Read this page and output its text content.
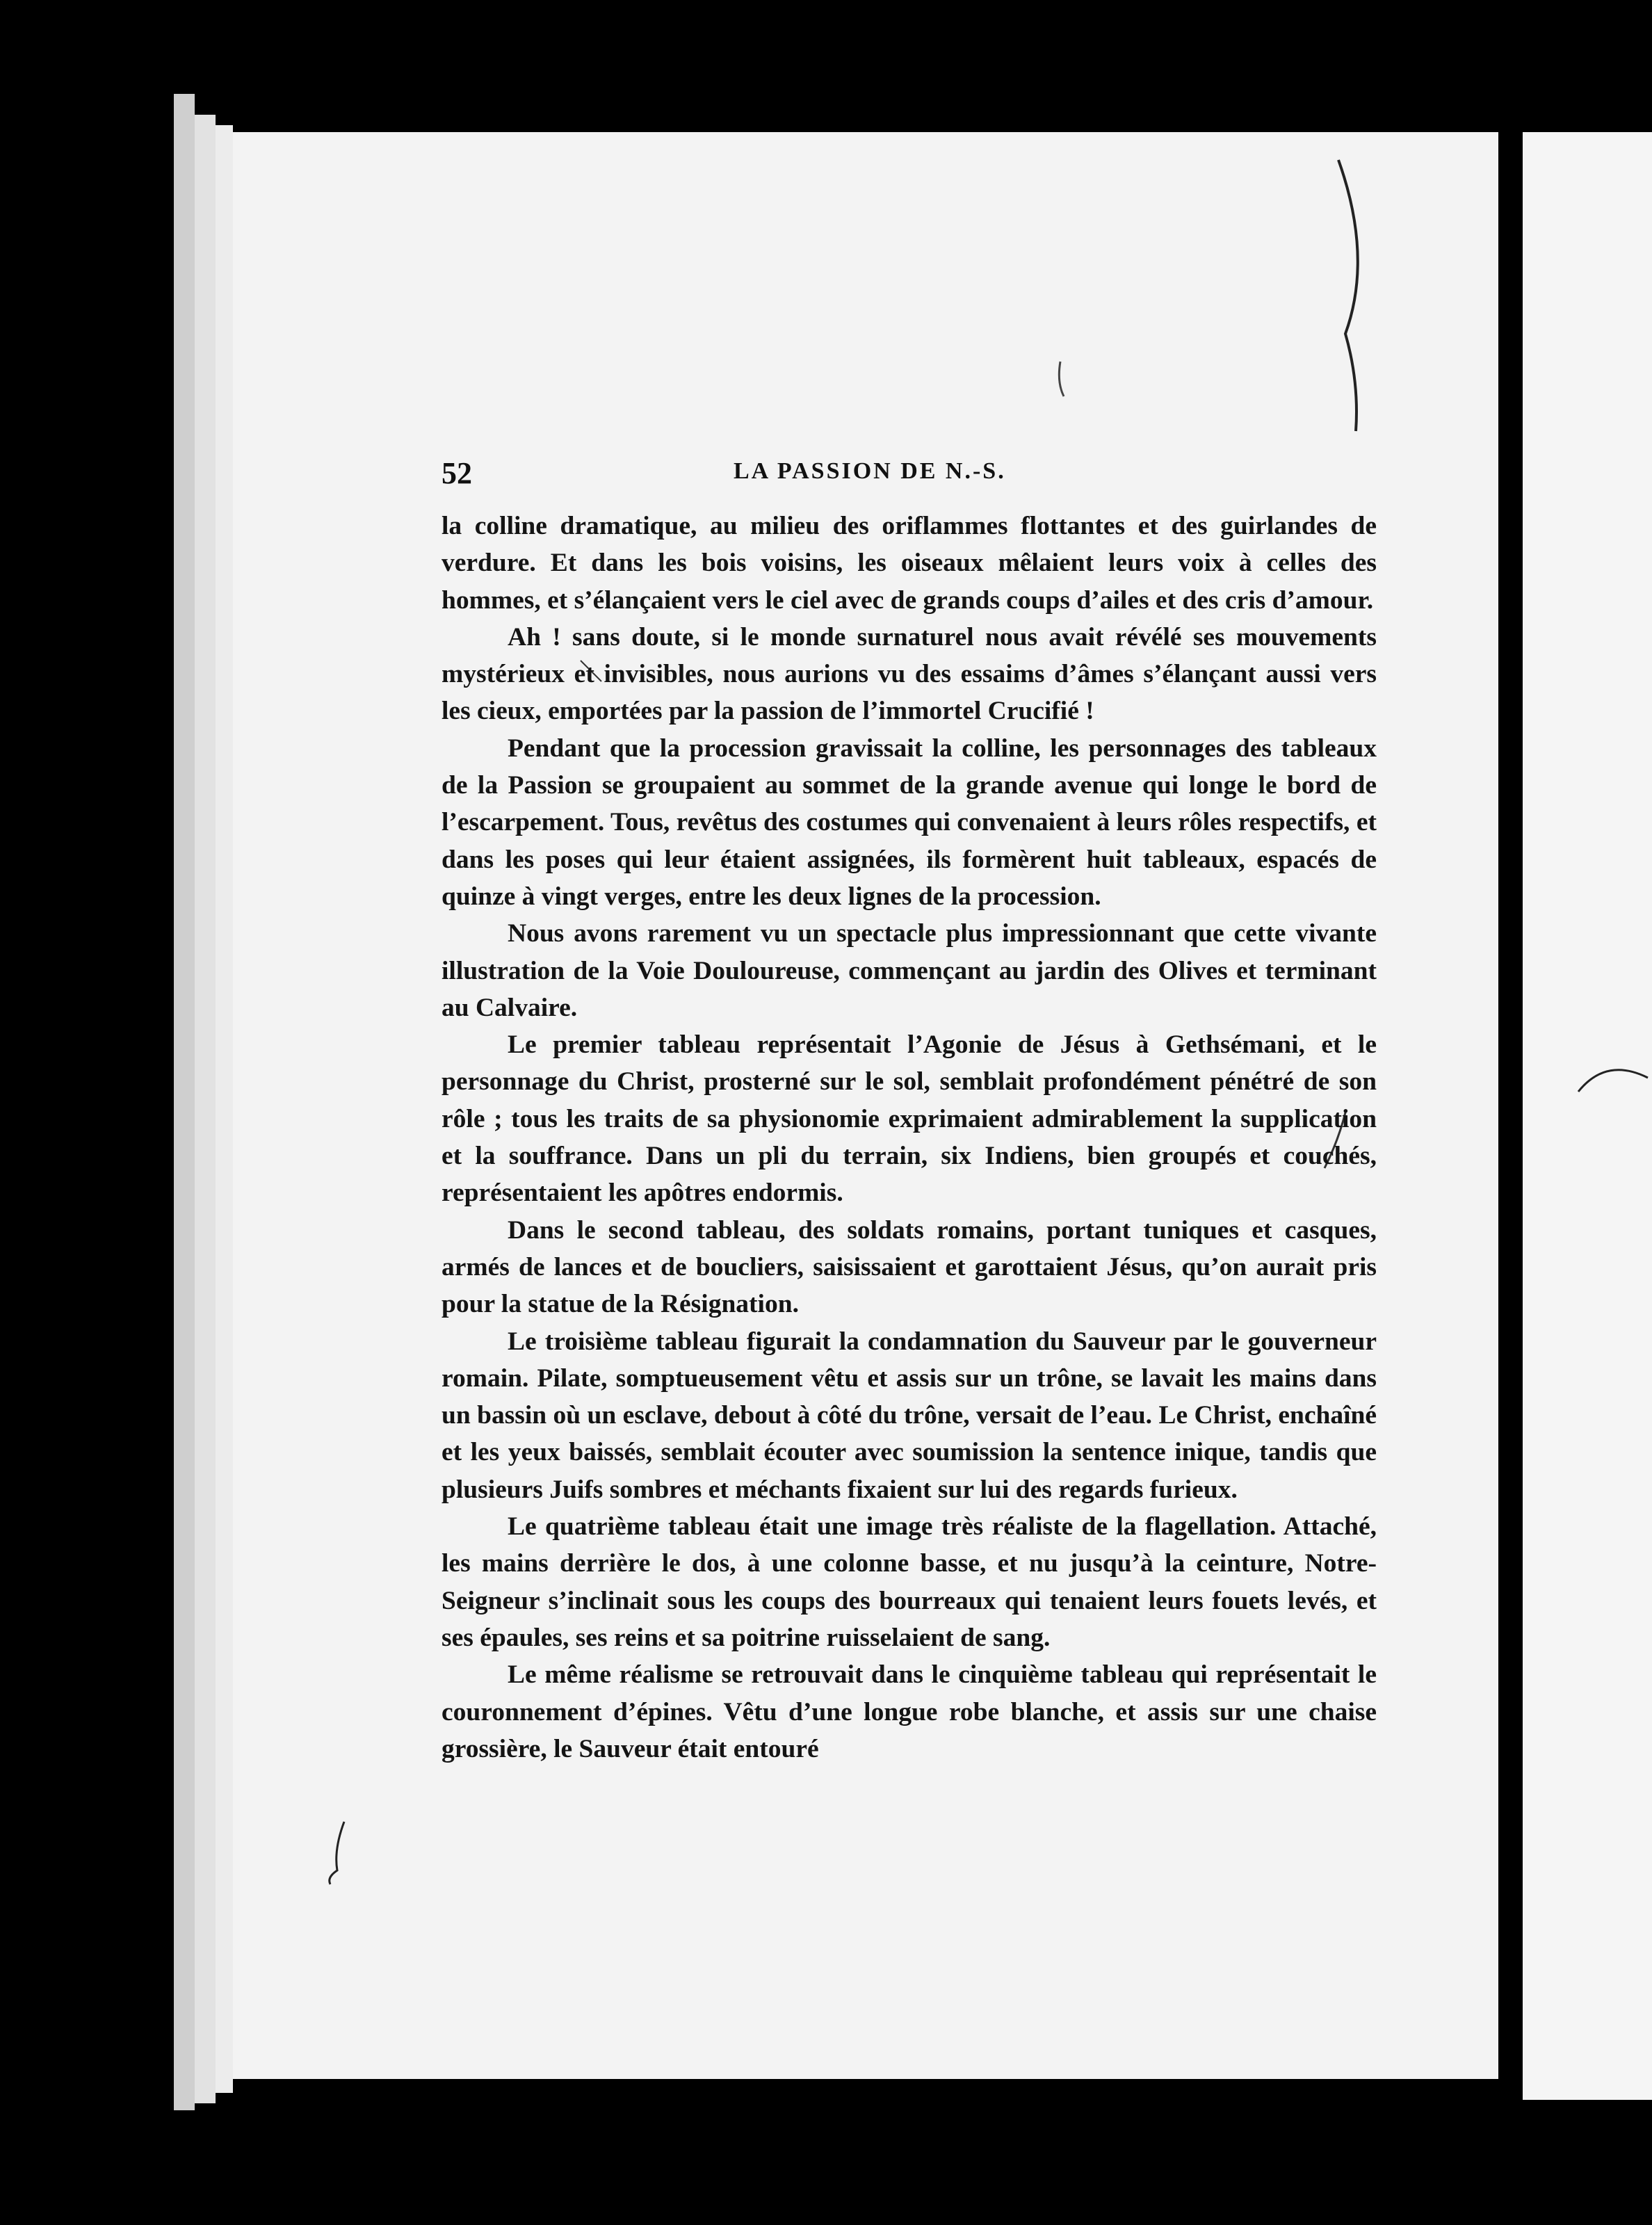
52	LA PASSION DE N.-S.

la colline dramatique, au milieu des oriflammes flottantes et des guirlandes de verdure. Et dans les bois voisins, les oiseaux mêlaient leurs voix à celles des hommes, et s’élançaient vers le ciel avec de grands coups d’ailes et des cris d’amour.

Ah ! sans doute, si le monde surnaturel nous avait révélé ses mouvements mystérieux et invisibles, nous aurions vu des essaims d’âmes s’élançant aussi vers les cieux, emportées par la passion de l’immortel Crucifié !

Pendant que la procession gravissait la colline, les personnages des tableaux de la Passion se groupaient au sommet de la grande avenue qui longe le bord de l’escarpement. Tous, revêtus des costumes qui convenaient à leurs rôles respectifs, et dans les poses qui leur étaient assignées, ils formèrent huit tableaux, espacés de quinze à vingt verges, entre les deux lignes de la procession.

Nous avons rarement vu un spectacle plus impressionnant que cette vivante illustration de la Voie Douloureuse, commençant au jardin des Olives et terminant au Calvaire.

Le premier tableau représentait l’Agonie de Jésus à Gethsémani, et le personnage du Christ, prosterné sur le sol, semblait profondément pénétré de son rôle ; tous les traits de sa physionomie exprimaient admirablement la supplication et la souffrance. Dans un pli du terrain, six Indiens, bien groupés et couchés, représentaient les apôtres endormis.

Dans le second tableau, des soldats romains, portant tuniques et casques, armés de lances et de boucliers, saisissaient et garottaient Jésus, qu’on aurait pris pour la statue de la Résignation.

Le troisième tableau figurait la condamnation du Sauveur par le gouverneur romain. Pilate, somptueusement vêtu et assis sur un trône, se lavait les mains dans un bassin où un esclave, debout à côté du trône, versait de l’eau. Le Christ, enchaîné et les yeux baissés, semblait écouter avec soumission la sentence inique, tandis que plusieurs Juifs sombres et méchants fixaient sur lui des regards furieux.

Le quatrième tableau était une image très réaliste de la flagellation. Attaché, les mains derrière le dos, à une colonne basse, et nu jusqu’à la ceinture, Notre-Seigneur s’inclinait sous les coups des bourreaux qui tenaient leurs fouets levés, et ses épaules, ses reins et sa poitrine ruisselaient de sang.

Le même réalisme se retrouvait dans le cinquième tableau qui représentait le couronnement d’épines. Vêtu d’une longue robe blanche, et assis sur une chaise grossière, le Sauveur était entouré
